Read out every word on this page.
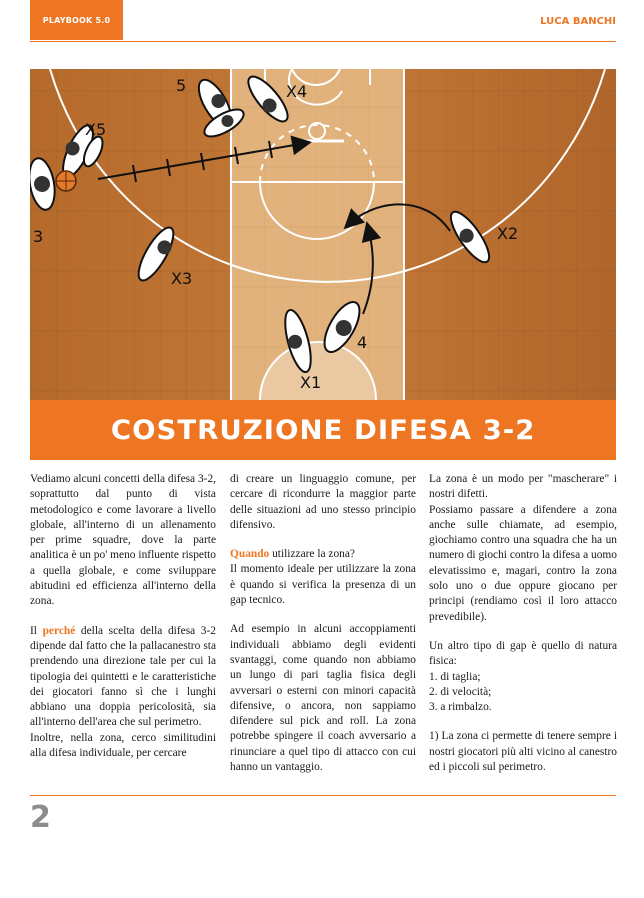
PLAYBOOK 5.0	LUCA BANCHI
X5
5	X4
3
X3
X2
4
X1
COSTRUZIONE DIFESA 3-2

Vediamo alcuni concetti della difesa 3-2, soprattutto dal punto di vista metodologico e come lavorare a livello globale, all'interno di un allenamento per prime squadre, dove la parte analitica è un po' meno influente rispetto a quella globale, e come sviluppare abitudini ed efficienza all'interno della zona.

Il perché della scelta della difesa 3-2 dipende dal fatto che la pallacanestro sta prendendo una direzione tale per cui la tipologia dei quintetti e le caratteristiche dei giocatori fanno sì che i lunghi abbiano una doppia pericolosità, sia all'interno dell'area che sul perimetro.

Inoltre, nella zona, cerco similitudini alla difesa individuale, per cercare

di creare un linguaggio comune, per cercare di ricondurre la maggior parte delle situazioni ad uno stesso principio difensivo.

Quando utilizzare la zona?

Il momento ideale per utilizzare la zona è quando si verifica la presenza di un gap tecnico.

Ad esempio in alcuni accoppiamenti individuali abbiamo degli evidenti svantaggi, come quando non abbiamo un lungo di pari taglia fisica degli avversari o esterni con minori capacità difensive, o ancora, non sappiamo difendere sul pick and roll. La zona potrebbe spingere il coach avversario a rinunciare a quel tipo di attacco con cui hanno un vantaggio.

La zona è un modo per "mascherare" i nostri difetti.

Possiamo passare a difendere a zona anche sulle chiamate, ad esempio, giochiamo contro una squadra che ha un numero di giochi contro la difesa a uomo elevatissimo e, magari, contro la zona solo uno o due oppure giocano per principi (rendiamo così il loro attacco prevedibile).

Un altro tipo di gap è quello di natura fisica:

1. di taglia;
2. di velocità;
3. a rimbalzo.

1) La zona ci permette di tenere sempre i nostri giocatori più alti vicino al canestro ed i piccoli sul perimetro.

2
